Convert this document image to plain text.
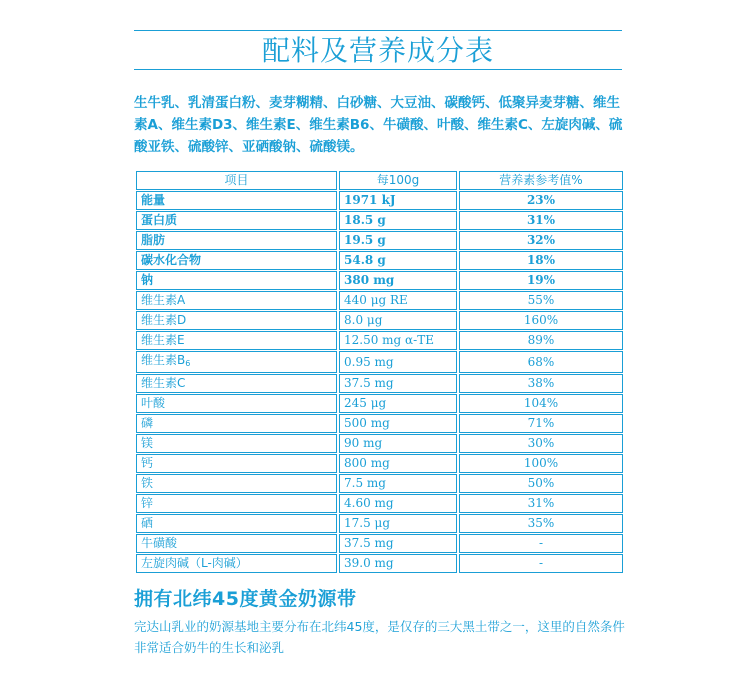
配料及营养成分表
生牛乳、乳清蛋白粉、麦芽糊精、白砂糖、大豆油、碳酸钙、低聚异麦芽糖、维生素A、维生素D3、维生素E、维生素B6、牛磺酸、叶酸、维生素C、左旋肉碱、硫酸亚铁、硫酸锌、亚硒酸钠、硫酸镁。
项目	每100g	营养素参考值%
能量	1971 kJ	23%
蛋白质	18.5 g	31%
脂肪	19.5 g	32%
碳水化合物	54.8 g	18%
钠	380 mg	19%
维生素A	440 μg RE	55%
维生素D	8.0 μg	160%
维生素E	12.50 mg α-TE	89%
维生素$B_6$	0.95 mg	68%
维生素C	37.5 mg	38%
叶酸	245 μg	104%
磷	500 mg	71%
镁	90 mg	30%
钙	800 mg	100%
铁	7.5 mg	50%
锌	4.60 mg	31%
硒	17.5 μg	35%
牛磺酸	37.5 mg	-
左旋肉碱（L-肉碱）	39.0 mg	-
拥有北纬45度黄金奶源带
完达山乳业的奶源基地主要分布在北纬45度，是仅存的三大黑土带之一，这里的自然条件非常适合奶牛的生长和泌乳
